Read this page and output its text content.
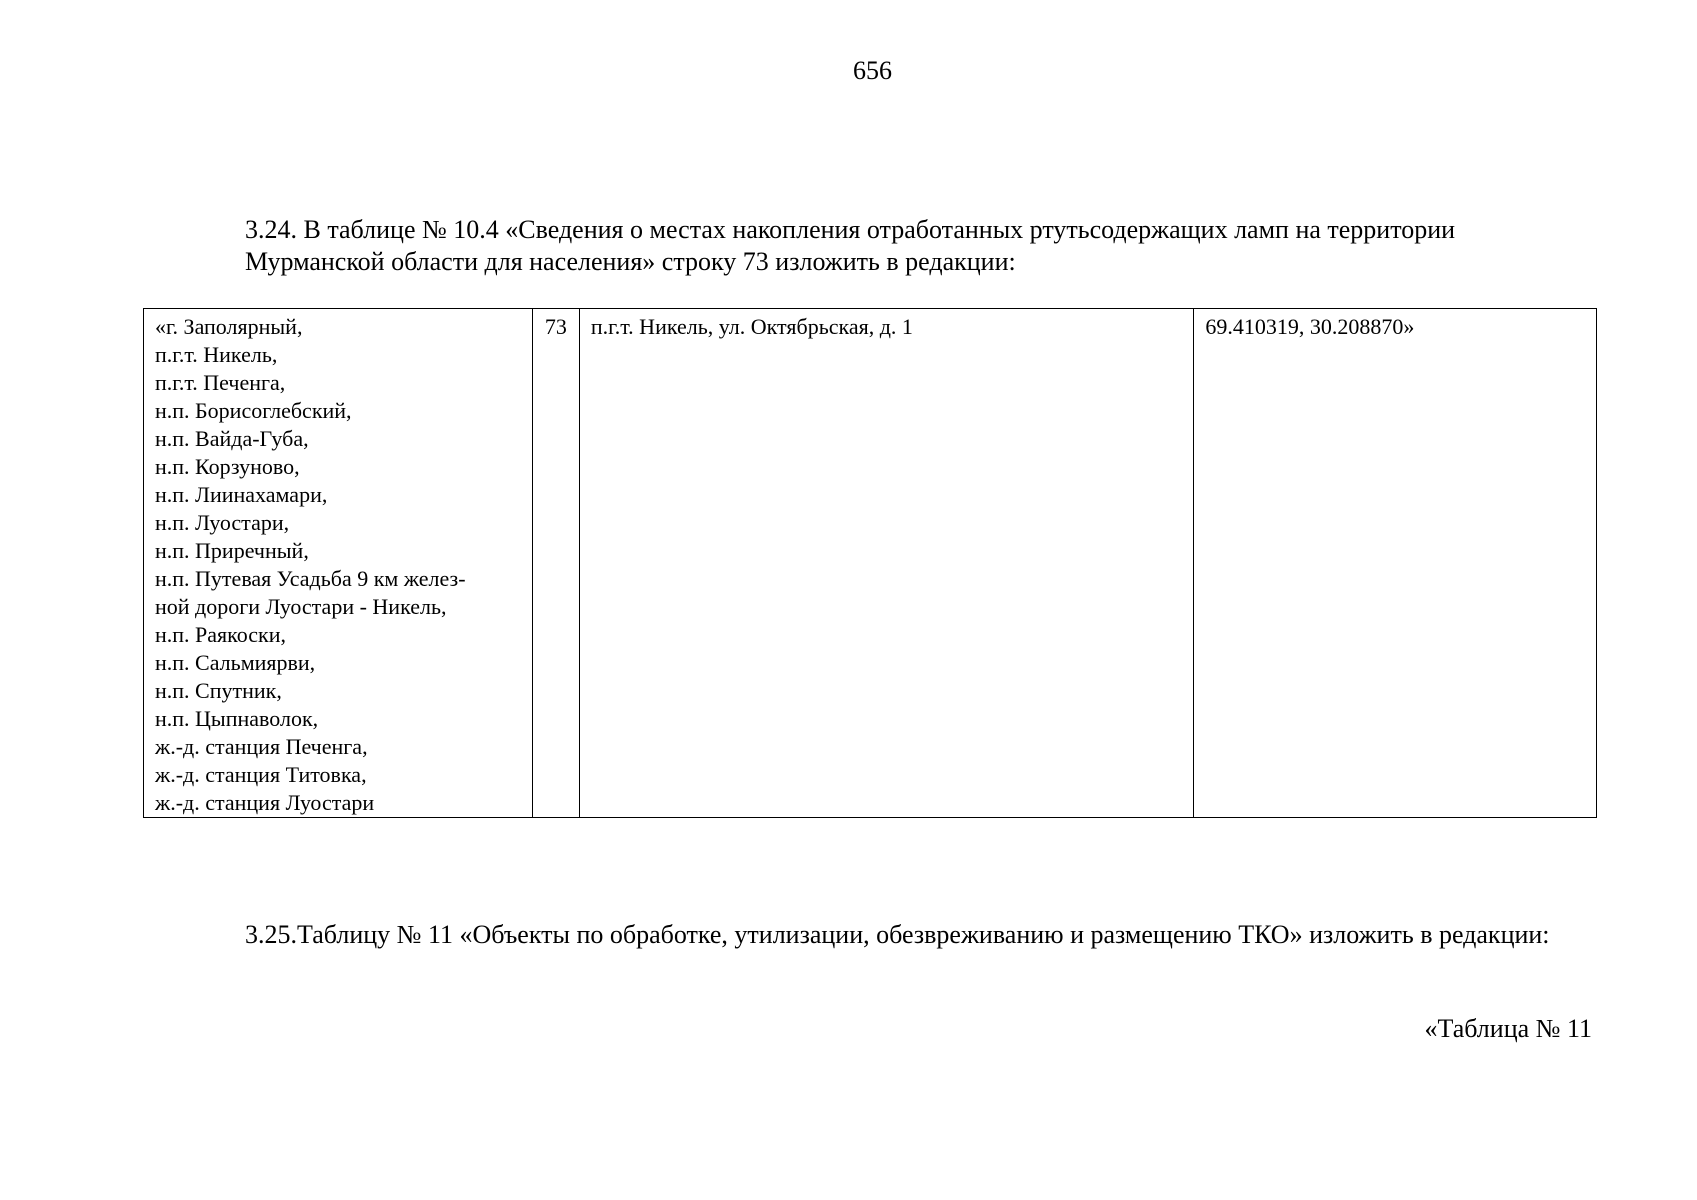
656
3.24. В таблице № 10.4 «Сведения о местах накопления отработанных ртутьсодержащих ламп на территории Мурманской области для населения» строку 73 изложить в редакции:
«г. Заполярный,
п.г.т. Никель,
п.г.т. Печенга,
н.п. Борисоглебский,
н.п. Вайда-Губа,
н.п. Корзуново,
н.п. Лиинахамари,
н.п. Луостари,
н.п. Приречный,
н.п. Путевая Усадьба 9 км желез-
ной дороги Луостари - Никель,
н.п. Раякоски,
н.п. Сальмиярви,
н.п. Спутник,
н.п. Цыпнаволок,
ж.-д. станция Печенга,
ж.-д. станция Титовка,
ж.-д. станция Луостари
	73	п.г.т. Никель, ул. Октябрьская, д. 1	69.410319, 30.208870»
3.25.Таблицу № 11 «Объекты по обработке, утилизации, обезвреживанию и размещению ТКО» изложить в редакции:
«Таблица № 11
